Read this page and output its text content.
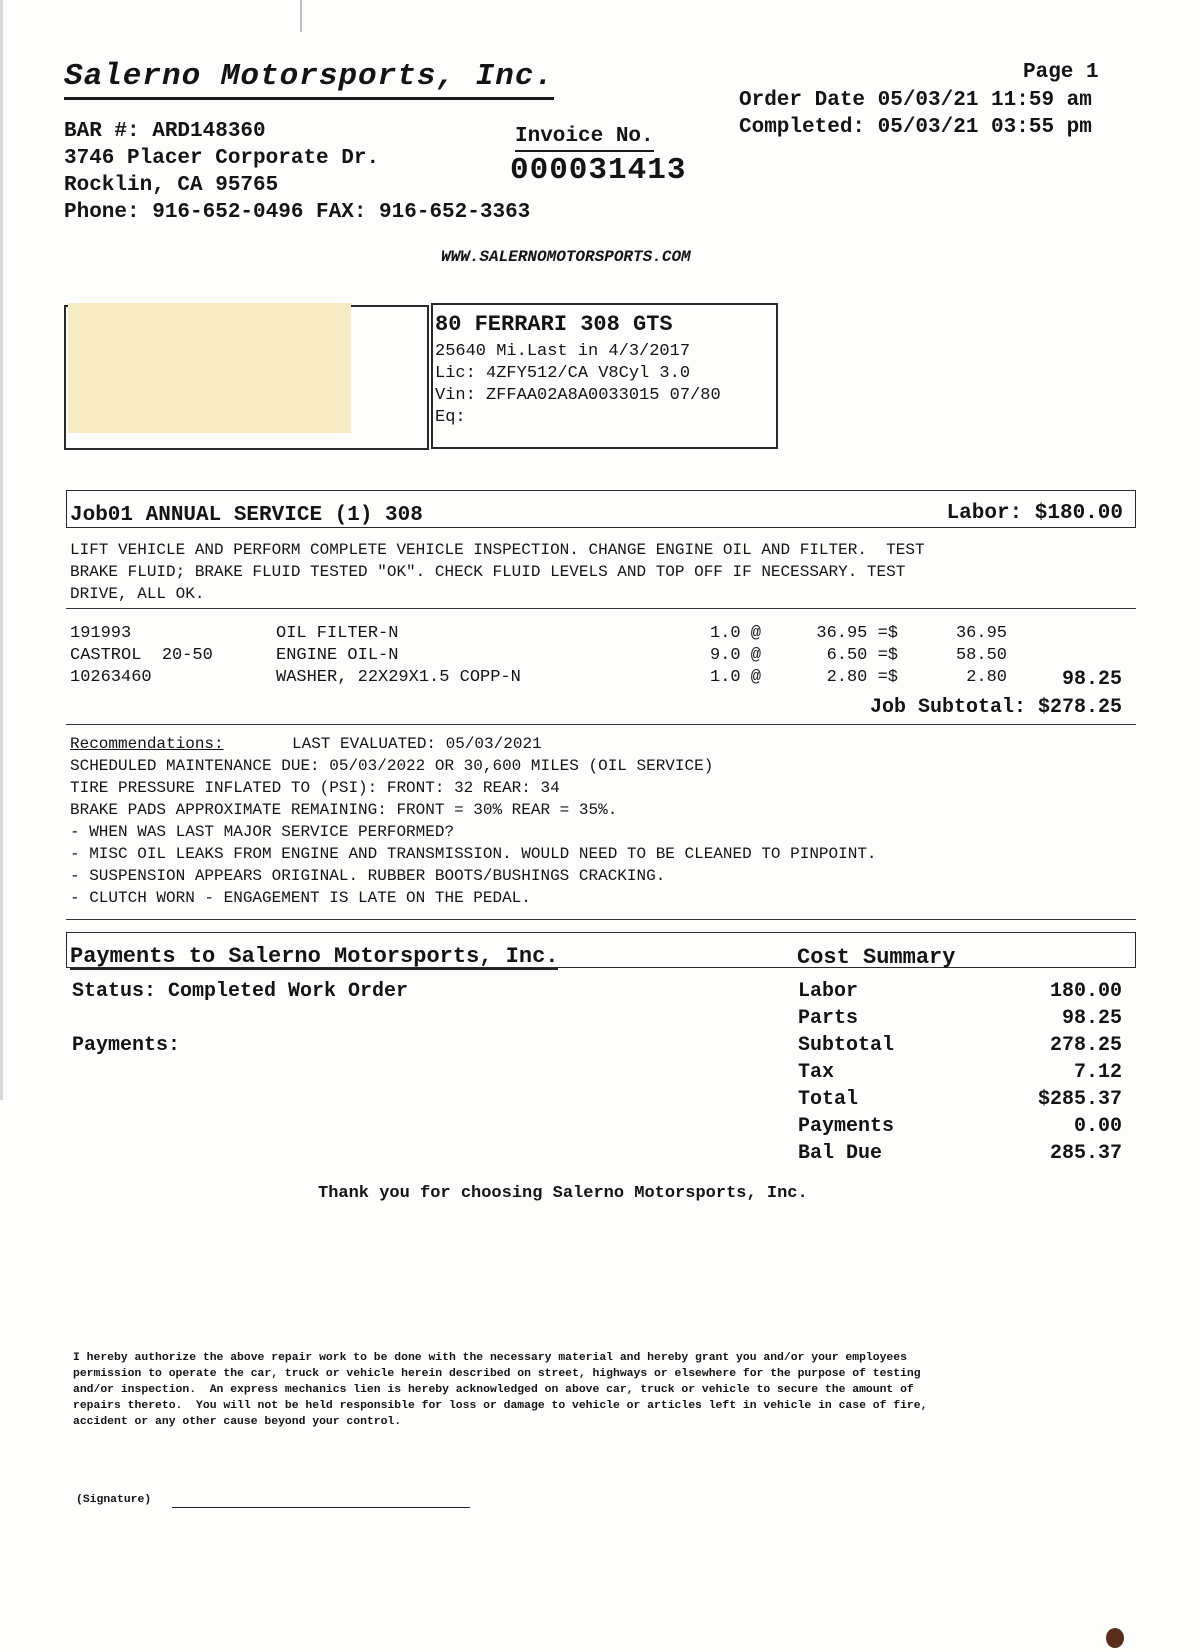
Salerno Motorsports, Inc.	Page 1
Order Date 05/03/21 11:59 am
Completed: 05/03/21 03:55 pm
BAR #: ARD148360
3746 Placer Corporate Dr.
Rocklin, CA 95765
Phone: 916-652-0496 FAX: 916-652-3363
Invoice No.
000031413
WWW.SALERNOMOTORSPORTS.COM
80 FERRARI 308 GTS
25640 Mi.Last in 4/3/2017
Lic: 4ZFY512/CA V8Cyl 3.0
Vin: ZFFAA02A8A0033015 07/80
Eq:
Job01 ANNUAL SERVICE (1) 308	Labor: $180.00
LIFT VEHICLE AND PERFORM COMPLETE VEHICLE INSPECTION. CHANGE ENGINE OIL AND FILTER.  TEST
BRAKE FLUID; BRAKE FLUID TESTED "OK". CHECK FLUID LEVELS AND TOP OFF IF NECESSARY. TEST
DRIVE, ALL OK.
191993	OIL FILTER-N	1.0 @	36.95 =$	36.95
CASTROL  20-50	ENGINE OIL-N	9.0 @	6.50 =$	58.50
10263460	WASHER, 22X29X1.5 COPP-N	1.0 @	2.80 =$	2.80	98.25
Job Subtotal: $278.25
Recommendations:	LAST EVALUATED: 05/03/2021
SCHEDULED MAINTENANCE DUE: 05/03/2022 OR 30,600 MILES (OIL SERVICE)
TIRE PRESSURE INFLATED TO (PSI): FRONT: 32 REAR: 34
BRAKE PADS APPROXIMATE REMAINING: FRONT = 30% REAR = 35%.
- WHEN WAS LAST MAJOR SERVICE PERFORMED?
- MISC OIL LEAKS FROM ENGINE AND TRANSMISSION. WOULD NEED TO BE CLEANED TO PINPOINT.
- SUSPENSION APPEARS ORIGINAL. RUBBER BOOTS/BUSHINGS CRACKING.
- CLUTCH WORN - ENGAGEMENT IS LATE ON THE PEDAL.
Payments to Salerno Motorsports, Inc.	Cost Summary
Status: Completed Work Order
Payments:
Labor	180.00
Parts	98.25
Subtotal	278.25
Tax	7.12
Total	$285.37
Payments	0.00
Bal Due	285.37
Thank you for choosing Salerno Motorsports, Inc.
I hereby authorize the above repair work to be done with the necessary material and hereby grant you and/or your employees
permission to operate the car, truck or vehicle herein described on street, highways or elsewhere for the purpose of testing
and/or inspection.  An express mechanics lien is hereby acknowledged on above car, truck or vehicle to secure the amount of
repairs thereto.  You will not be held responsible for loss or damage to vehicle or articles left in vehicle in case of fire,
accident or any other cause beyond your control.
(Signature)
